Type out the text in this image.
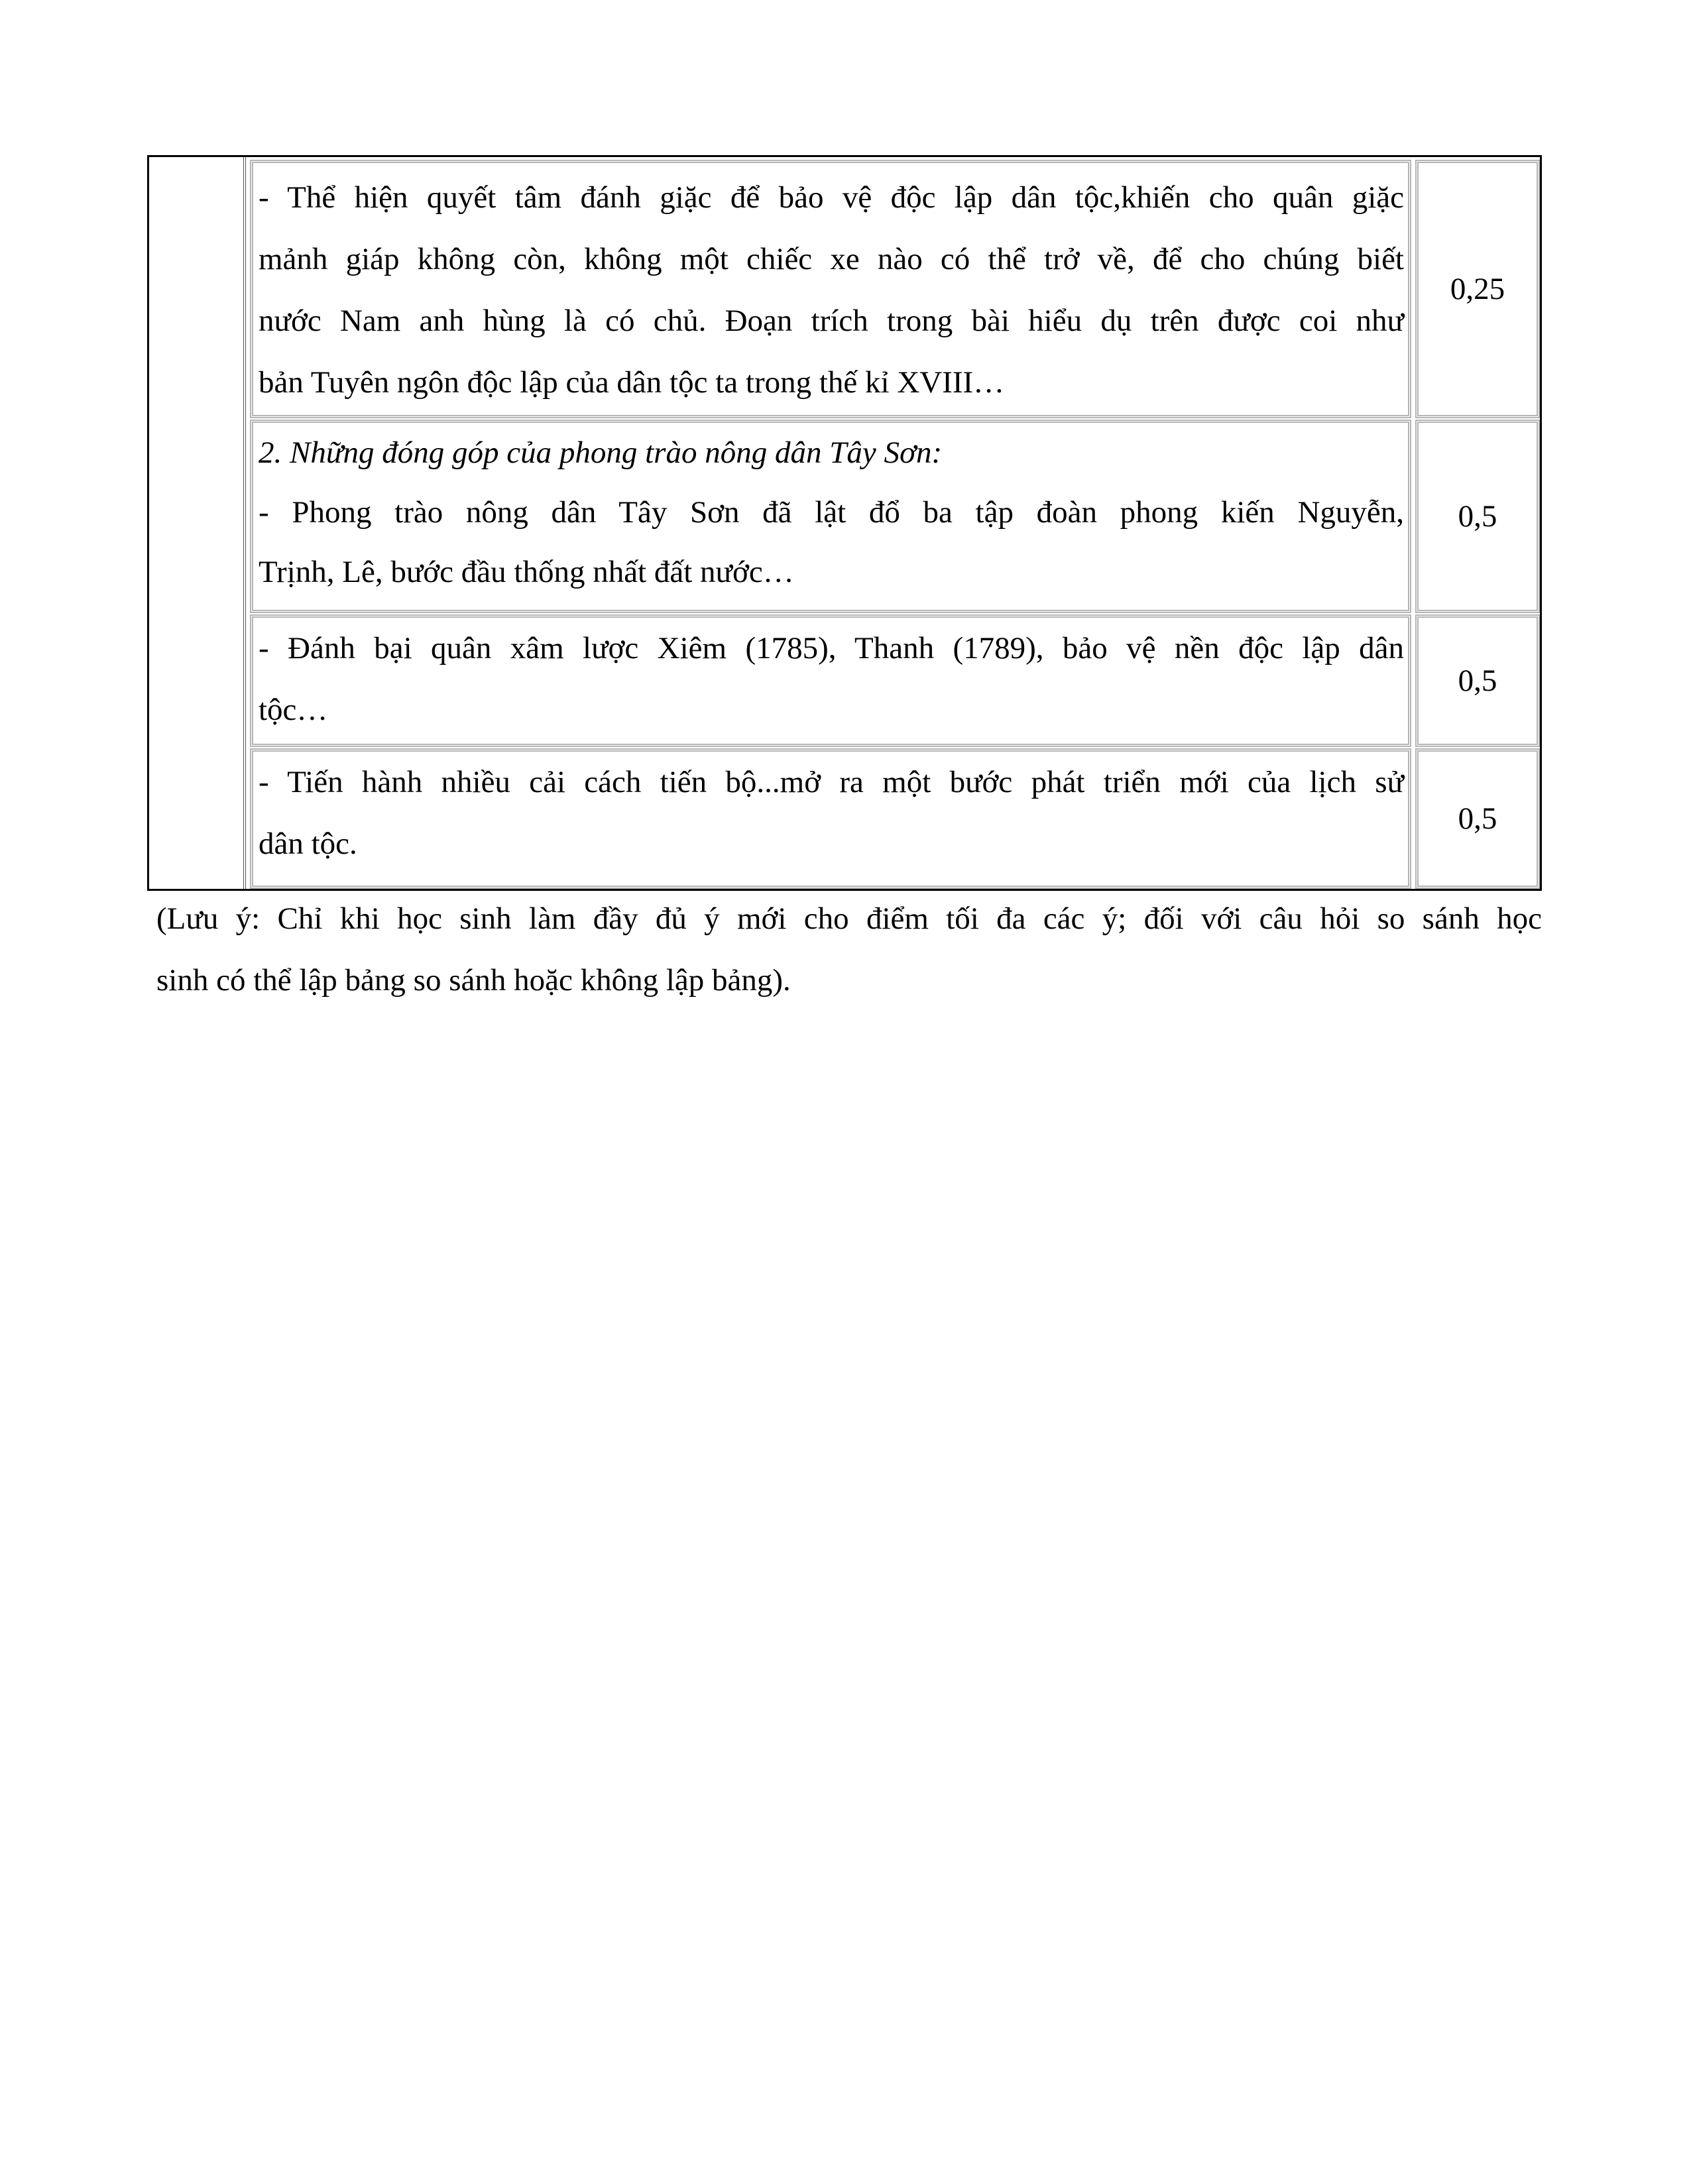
- Thể hiện quyết tâm đánh giặc để bảo vệ độc lập dân tộc,khiến cho quân giặc
mảnh giáp không còn, không một chiếc xe nào có thể trở về, để cho chúng biết
nước Nam anh hùng là có chủ. Đoạn trích trong bài hiểu dụ trên được coi như
bản Tuyên ngôn độc lập của dân tộc ta trong thế kỉ XVIII…
0,25
2. Những đóng góp của phong trào nông dân Tây Sơn:
- Phong trào nông dân Tây Sơn đã lật đổ ba tập đoàn phong kiến Nguyễn,
Trịnh, Lê, bước đầu thống nhất đất nước…
0,5
- Đánh bại quân xâm lược Xiêm (1785), Thanh (1789), bảo vệ nền độc lập dân
tộc…
0,5
- Tiến hành nhiều cải cách tiến bộ...mở ra một bước phát triển mới của lịch sử
dân tộc.
0,5
(Lưu ý: Chỉ khi học sinh làm đầy đủ ý mới cho điểm tối đa các ý; đối với câu hỏi so sánh học
sinh có thể lập bảng so sánh hoặc không lập bảng).
